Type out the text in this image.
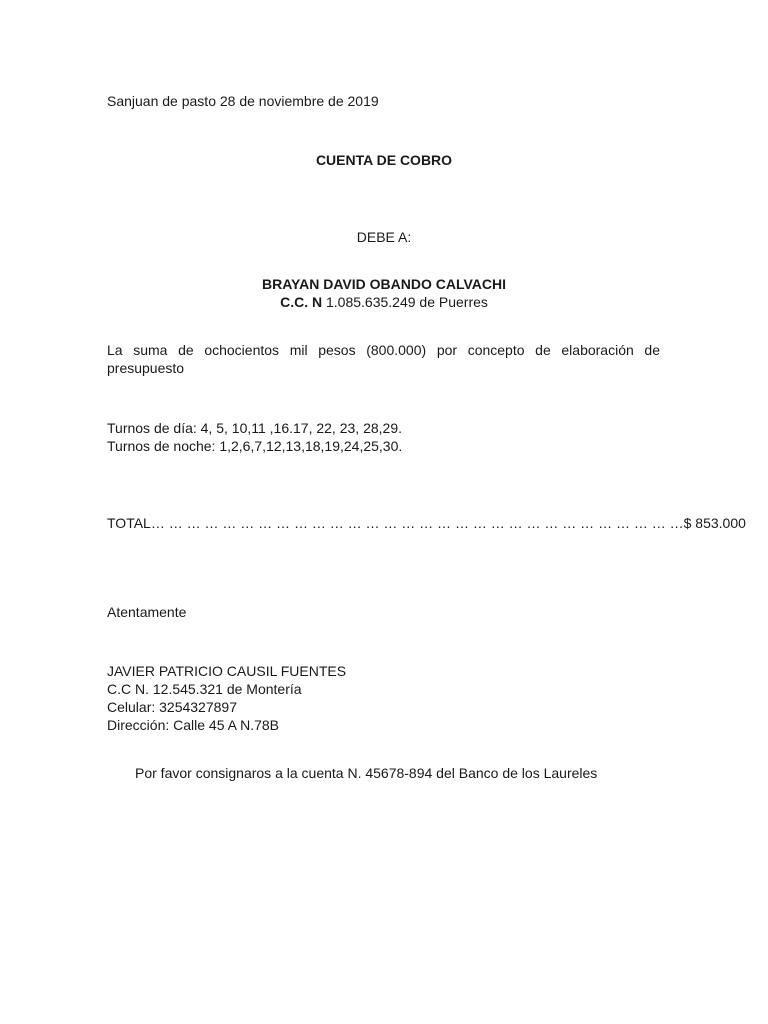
Sanjuan de pasto 28 de noviembre de 2019
CUENTA DE COBRO
DEBE A:
BRAYAN DAVID OBANDO CALVACHI
C.C. N 1.085.635.249 de Puerres
La suma de ochocientos mil pesos (800.000) por concepto de elaboración de
presupuesto
Turnos de día: 4, 5, 10,11 ,16.17, 22, 23, 28,29.
Turnos de noche: 1,2,6,7,12,13,18,19,24,25,30.
TOTAL… … … … … … … … … … … … … … … … … … … … … … … … … … … … … …$ 853.000
Atentamente
JAVIER PATRICIO CAUSIL FUENTES
C.C N. 12.545.321 de Montería
Celular: 3254327897
Dirección: Calle 45 A N.78B
Por favor consignaros a la cuenta N. 45678-894 del Banco de los Laureles
